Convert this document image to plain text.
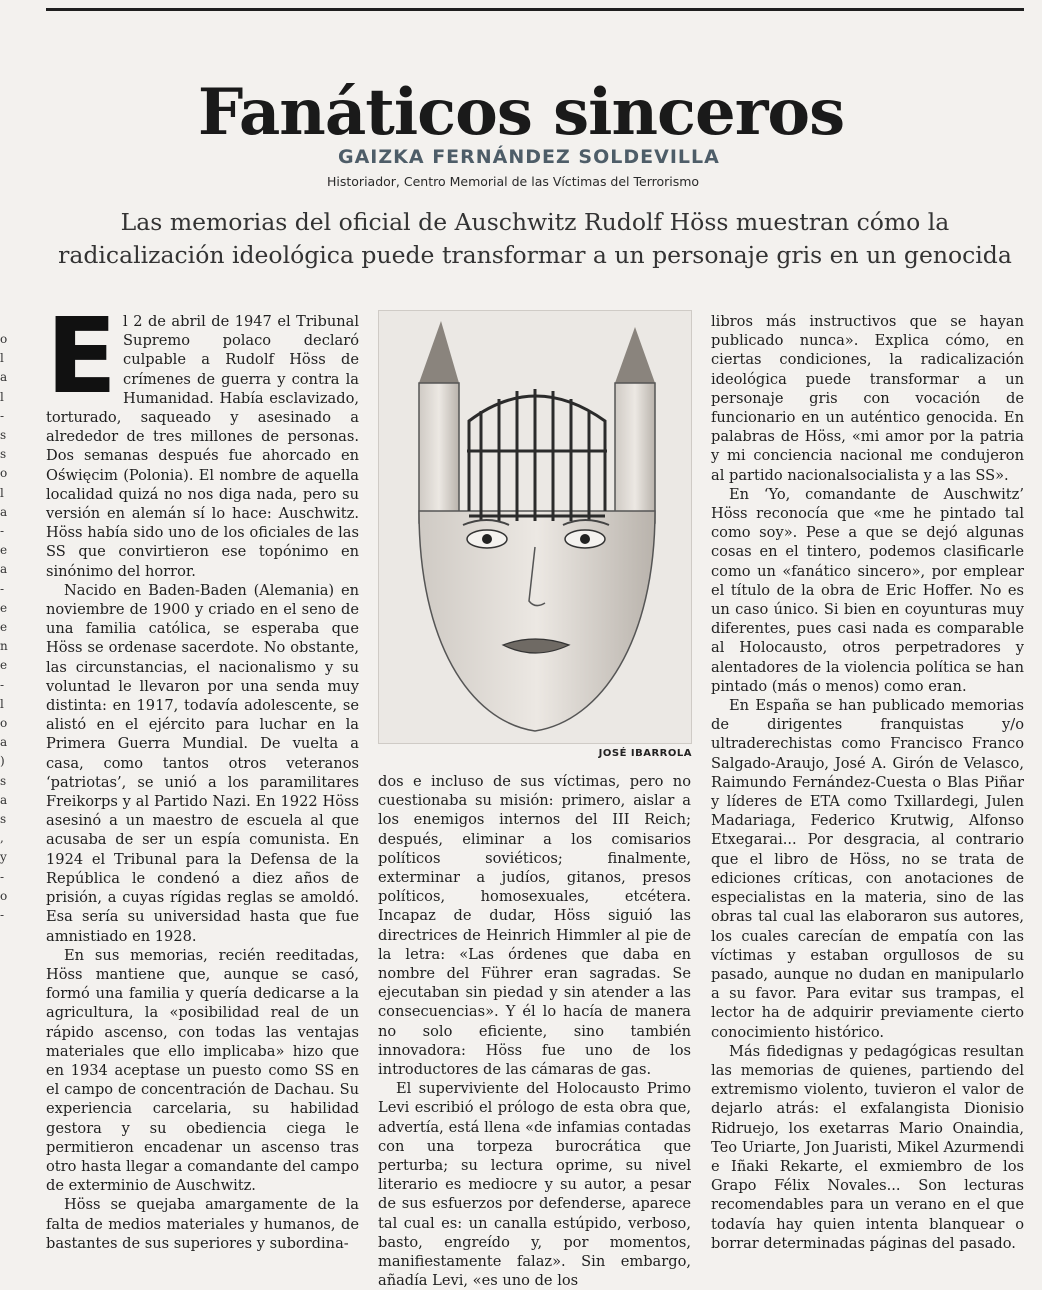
Fanáticos sinceros
GAIZKA FERNÁNDEZ SOLDEVILLA
Historiador, Centro Memorial de las Víctimas del Terrorismo
Las memorias del oficial de Auschwitz Rudolf Höss muestran cómo la
radicalización ideológica puede transformar a un personaje gris en un genocida
o
l
a
l
-
s
s
o
l
a
-
e
a
-
e
e
n
e
-
l
o
a
)
s
a
s
,
y
-
o
-

El 2 de abril de 1947 el Tribunal Supremo polaco declaró culpable a Rudolf Höss de crímenes de guerra y contra la Humanidad. Había esclavizado, torturado, saqueado y asesinado a alrededor de tres millones de personas. Dos semanas después fue ahorcado en Oświęcim (Polonia). El nombre de aquella localidad quizá no nos diga nada, pero su versión en alemán sí lo hace: Auschwitz. Höss había sido uno de los oficiales de las SS que convirtieron ese topónimo en sinónimo del horror.

Nacido en Baden-Baden (Alemania) en noviembre de 1900 y criado en el seno de una familia católica, se esperaba que Höss se ordenase sacerdote. No obstante, las circunstancias, el nacionalismo y su voluntad le llevaron por una senda muy distinta: en 1917, todavía adolescente, se alistó en el ejército para luchar en la Primera Guerra Mundial. De vuelta a casa, como tantos otros veteranos ‘patriotas’, se unió a los paramilitares Freikorps y al Partido Nazi. En 1922 Höss asesinó a un maestro de escuela al que acusaba de ser un espía comunista. En 1924 el Tribunal para la Defensa de la República le condenó a diez años de prisión, a cuyas rígidas reglas se amoldó. Esa sería su universidad hasta que fue amnistiado en 1928.

En sus memorias, recién reeditadas, Höss mantiene que, aunque se casó, formó una familia y quería dedicarse a la agricultura, la «posibilidad real de un rápido ascenso, con todas las ventajas materiales que ello implicaba» hizo que en 1934 aceptase un puesto como SS en el campo de concentración de Dachau. Su experiencia carcelaria, su habilidad gestora y su obediencia ciega le permitieron encadenar un ascenso tras otro hasta llegar a comandante del campo de exterminio de Auschwitz.

Höss se quejaba amargamente de la falta de medios materiales y humanos, de bastantes de sus superiores y subordina-

JOSÉ IBARROLA

dos e incluso de sus víctimas, pero no cuestionaba su misión: primero, aislar a los enemigos internos del III Reich; después, eliminar a los comisarios políticos soviéticos; finalmente, exterminar a judíos, gitanos, presos políticos, homosexuales, etcétera. Incapaz de dudar, Höss siguió las directrices de Heinrich Himmler al pie de la letra: «Las órdenes que daba en nombre del Führer eran sagradas. Se ejecutaban sin piedad y sin atender a las consecuencias». Y él lo hacía de manera no solo eficiente, sino también innovadora: Höss fue uno de los introductores de las cámaras de gas.

El superviviente del Holocausto Primo Levi escribió el prólogo de esta obra que, advertía, está llena «de infamias contadas con una torpeza burocrática que perturba; su lectura oprime, su nivel literario es mediocre y su autor, a pesar de sus esfuerzos por defenderse, aparece tal cual es: un canalla estúpido, verboso, basto, engreído y, por momentos, manifiestamente falaz». Sin embargo, añadía Levi, «es uno de los

libros más instructivos que se hayan publicado nunca». Explica cómo, en ciertas condiciones, la radicalización ideológica puede transformar a un personaje gris con vocación de funcionario en un auténtico genocida. En palabras de Höss, «mi amor por la patria y mi conciencia nacional me condujeron al partido nacionalsocialista y a las SS».

En ‘Yo, comandante de Auschwitz’ Höss reconocía que «me he pintado tal como soy». Pese a que se dejó algunas cosas en el tintero, podemos clasificarle como un «fanático sincero», por emplear el título de la obra de Eric Hoffer. No es un caso único. Si bien en coyunturas muy diferentes, pues casi nada es comparable al Holocausto, otros perpetradores y alentadores de la violencia política se han pintado (más o menos) como eran.

En España se han publicado memorias de dirigentes franquistas y/o ultraderechistas como Francisco Franco Salgado-Araujo, José A. Girón de Velasco, Raimundo Fernández-Cuesta o Blas Piñar y líderes de ETA como Txillardegi, Julen Madariaga, Federico Krutwig, Alfonso Etxegarai... Por desgracia, al contrario que el libro de Höss, no se trata de ediciones críticas, con anotaciones de especialistas en la materia, sino de las obras tal cual las elaboraron sus autores, los cuales carecían de empatía con las víctimas y estaban orgullosos de su pasado, aunque no dudan en manipularlo a su favor. Para evitar sus trampas, el lector ha de adquirir previamente cierto conocimiento histórico.

Más fidedignas y pedagógicas resultan las memorias de quienes, partiendo del extremismo violento, tuvieron el valor de dejarlo atrás: el exfalangista Dionisio Ridruejo, los exetarras Mario Onaindia, Teo Uriarte, Jon Juaristi, Mikel Azurmendi e Iñaki Rekarte, el exmiembro de los Grapo Félix Novales... Son lecturas recomendables para un verano en el que todavía hay quien intenta blanquear o borrar determinadas páginas del pasado.
